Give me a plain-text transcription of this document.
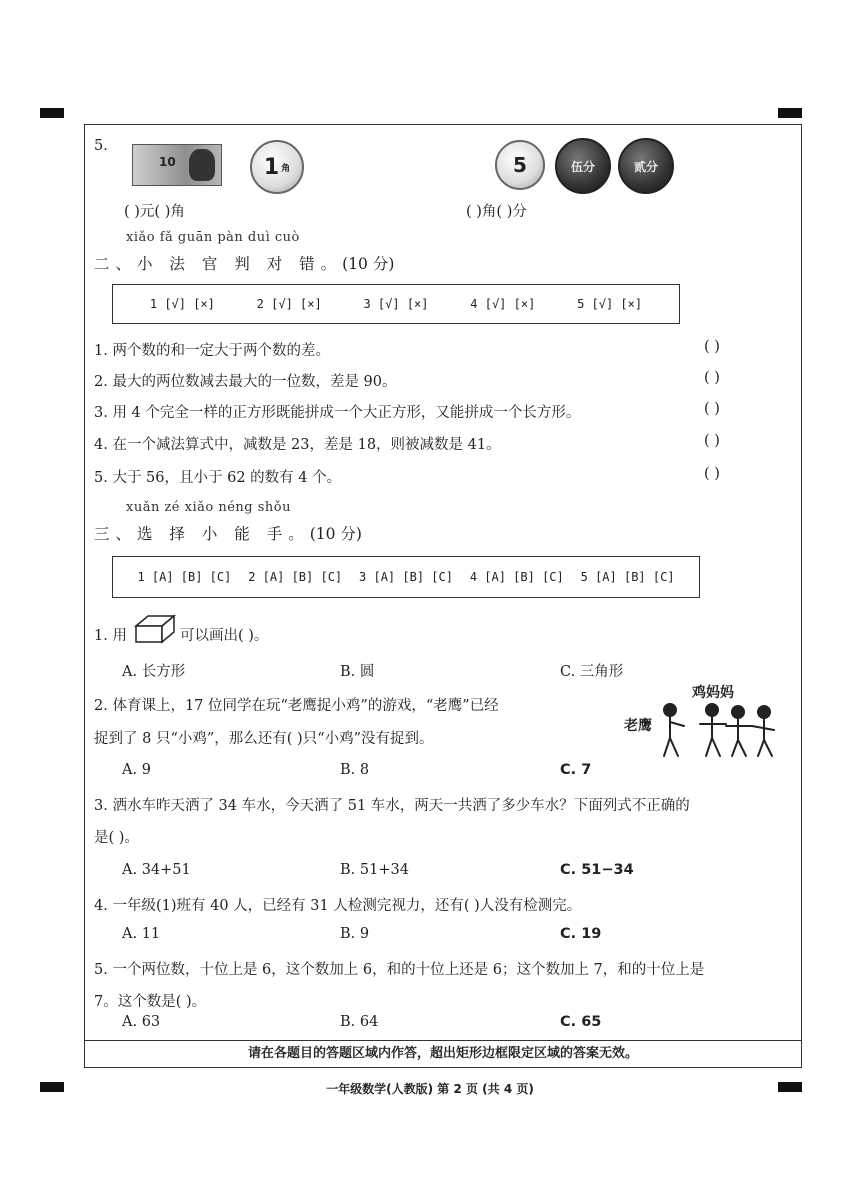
5.
10	1 角	5	伍分	贰分
( )元( )角	( )角( )分
xiǎo fǎ guān pàn duì cuò
二、小 法 官 判 对 错。(10 分)
1 [√] [×]	2 [√] [×]	3 [√] [×]	4 [√] [×]	5 [√] [×]
1. 两个数的和一定大于两个数的差。	( )
2. 最大的两位数减去最大的一位数，差是 90。	( )
3. 用 4 个完全一样的正方形既能拼成一个大正方形，又能拼成一个长方形。	( )
4. 在一个减法算式中，减数是 23，差是 18，则被减数是 41。	( )
5. 大于 56，且小于 62 的数有 4 个。	( )
xuǎn zé xiǎo néng shǒu
三、选 择 小 能 手。(10 分)
1 [A] [B] [C] 2 [A] [B] [C] 3 [A] [B] [C] 4 [A] [B] [C] 5 [A] [B] [C]
1. 用	可以画出( )。
A. 长方形	B. 圆	C. 三角形
2. 体育课上，17 位同学在玩“老鹰捉小鸡”的游戏，“老鹰”已经
捉到了 8 只“小鸡”，那么还有( )只“小鸡”没有捉到。
鸡妈妈
老鹰
A. 9	B. 8	C. 7
3. 洒水车昨天洒了 34 车水，今天洒了 51 车水，两天一共洒了多少车水？下面列式不正确的
是( )。
A. 34+51	B. 51+34	C. 51−34
4. 一年级(1)班有 40 人，已经有 31 人检测完视力，还有( )人没有检测完。
A. 11	B. 9	C. 19
5. 一个两位数，十位上是 6，这个数加上 6，和的十位上还是 6；这个数加上 7，和的十位上是
7。这个数是( )。
A. 63	B. 64	C. 65
请在各题目的答题区域内作答，超出矩形边框限定区域的答案无效。
一年级数学(人教版) 第 2 页 (共 4 页)
